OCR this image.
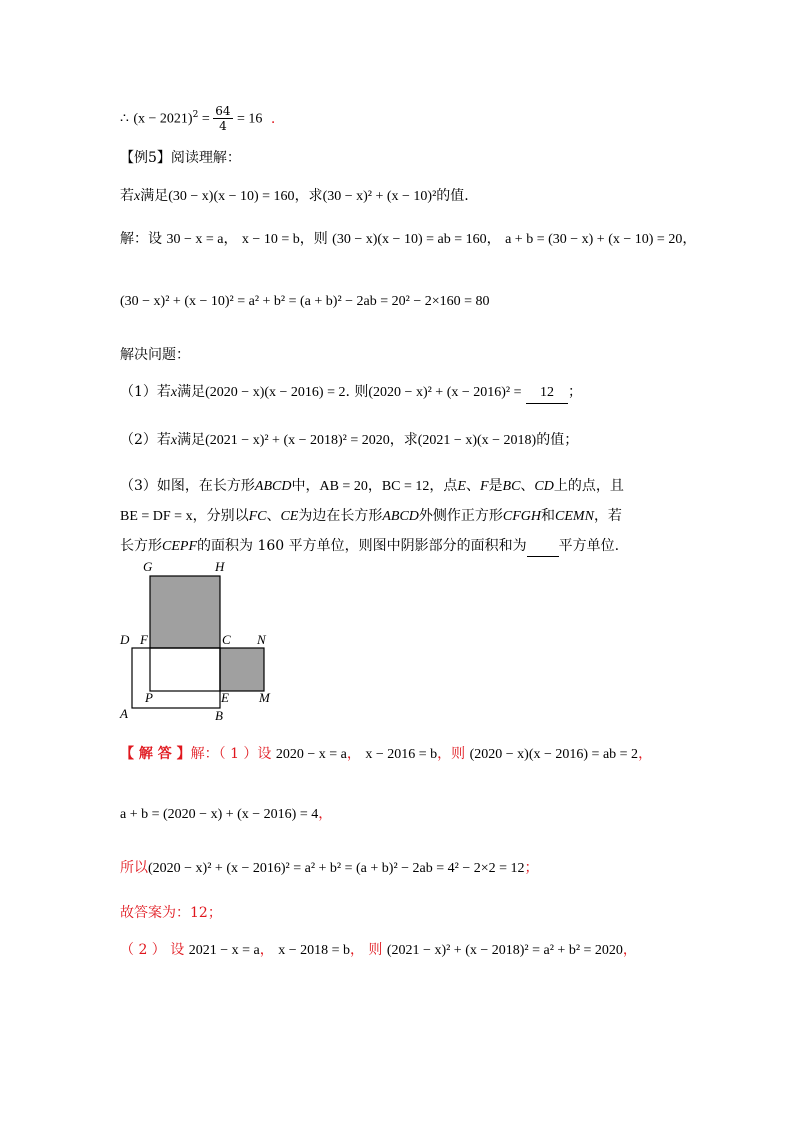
∴ $(x - 2021)^2 = \frac{64}{4} = 16$ .
【例5】阅读理解：
若x满足(30 − x)(x − 10) = 160，求(30 − x)² + (x − 10)²的值.
解：设 30 − x = a， x − 10 = b，则 (30 − x)(x − 10) = ab = 160， a + b = (30 − x) + (x − 10) = 20，
(30 − x)² + (x − 10)² = a² + b² = (a + b)² − 2ab = 20² − 2×160 = 80
解决问题：
（1）若x满足(2020 − x)(x − 2016) = 2. 则(2020 − x)² + (x − 2016)² = 12 ；
（2）若x满足(2021 − x)² + (x − 2018)² = 2020，求(2021 − x)(x − 2018)的值；
（3）如图，在长方形ABCD中，AB = 20，BC = 12，点E、F是BC、CD上的点，且
BE = DF = x，分别以FC、CE为边在长方形ABCD外侧作正方形CFGH和CEMN，若
长方形CEPF的面积为 160 平方单位，则图中阴影部分的面积和为 平方单位.
G	H
D F	C N
P	E M
A	B
【 解 答 】解：（ 1 ）设 2020 − x = a， x − 2016 = b，则 (2020 − x)(x − 2016) = ab = 2，
a + b = (2020 − x) + (x − 2016) = 4，
所以(2020 − x)² + (x − 2016)² = a² + b² = (a + b)² − 2ab = 4² − 2×2 = 12；
故答案为：12；
（ 2 ） 设 2021 − x = a， x − 2018 = b， 则 (2021 − x)² + (x − 2018)² = a² + b² = 2020，
